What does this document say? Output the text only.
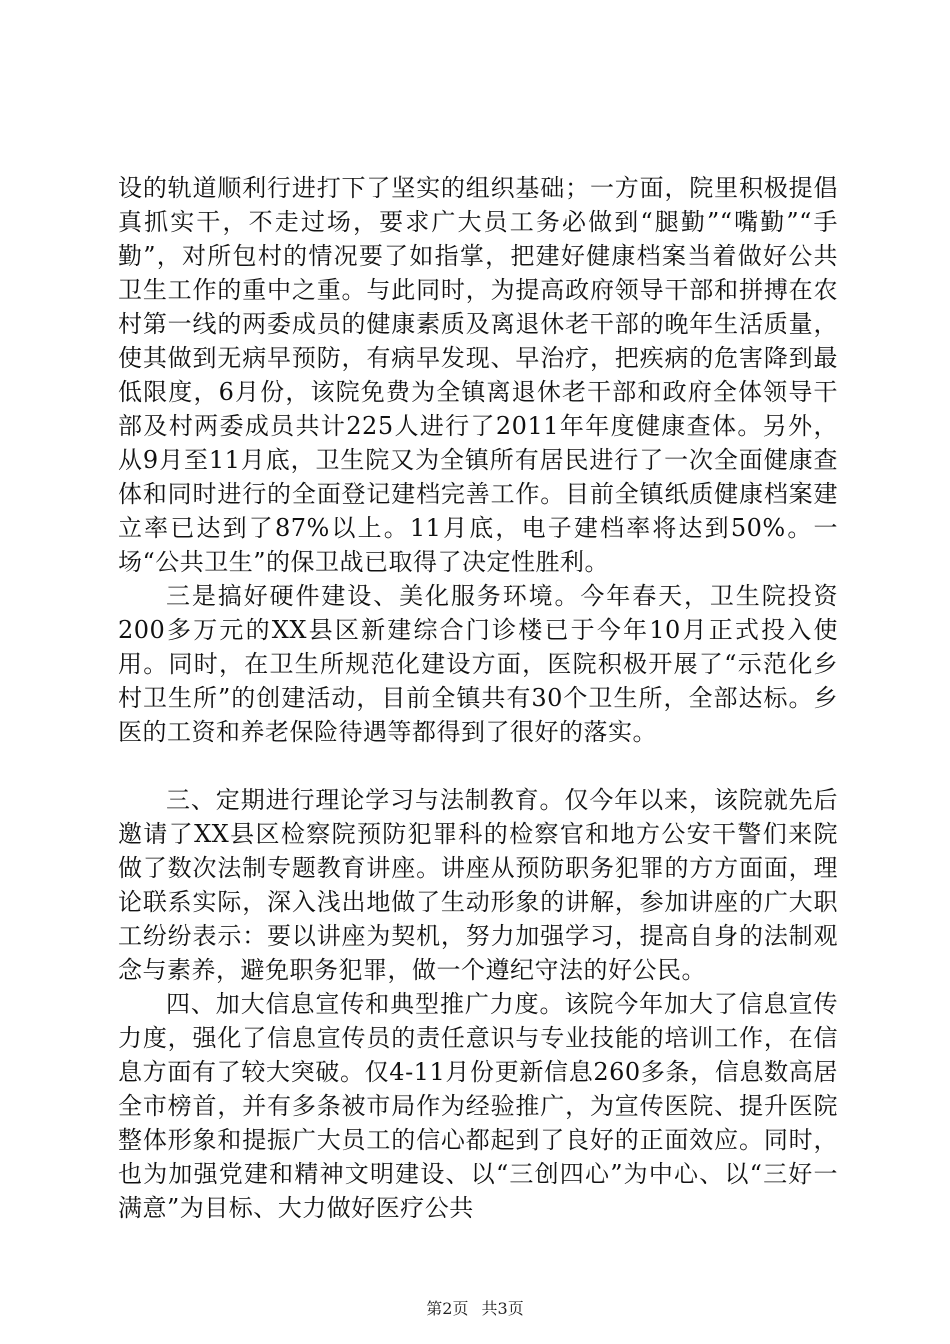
设的轨道顺利行进打下了坚实的组织基础；一方面，院里积极提倡真抓实干，不走过场，要求广大员工务必做到“腿勤”“嘴勤”“手勤”，对所包村的情况要了如指掌，把建好健康档案当着做好公共卫生工作的重中之重。与此同时，为提高政府领导干部和拼搏在农村第一线的两委成员的健康素质及离退休老干部的晚年生活质量，使其做到无病早预防，有病早发现、早治疗，把疾病的危害降到最低限度，6月份，该院免费为全镇离退休老干部和政府全体领导干部及村两委成员共计225人进行了2011年年度健康查体。另外，从9月至11月底，卫生院又为全镇所有居民进行了一次全面健康查体和同时进行的全面登记建档完善工作。目前全镇纸质健康档案建立率已达到了87%以上。11月底，电子建档率将达到50%。一场“公共卫生”的保卫战已取得了决定性胜利。

三是搞好硬件建设、美化服务环境。今年春天，卫生院投资200多万元的XX县区新建综合门诊楼已于今年10月正式投入使用。同时，在卫生所规范化建设方面，医院积极开展了“示范化乡村卫生所”的创建活动，目前全镇共有30个卫生所，全部达标。乡医的工资和养老保险待遇等都得到了很好的落实。

三、定期进行理论学习与法制教育。仅今年以来，该院就先后邀请了XX县区检察院预防犯罪科的检察官和地方公安干警们来院做了数次法制专题教育讲座。讲座从预防职务犯罪的方方面面，理论联系实际，深入浅出地做了生动形象的讲解，参加讲座的广大职工纷纷表示：要以讲座为契机，努力加强学习，提高自身的法制观念与素养，避免职务犯罪，做一个遵纪守法的好公民。

四、加大信息宣传和典型推广力度。该院今年加大了信息宣传力度，强化了信息宣传员的责任意识与专业技能的培训工作，在信息方面有了较大突破。仅4-11月份更新信息260多条，信息数高居全市榜首，并有多条被市局作为经验推广，为宣传医院、提升医院整体形象和提振广大员工的信心都起到了良好的正面效应。同时，也为加强党建和精神文明建设、以“三创四心”为中心、以“三好一满意”为目标、大力做好医疗公共

第2页 共3页
